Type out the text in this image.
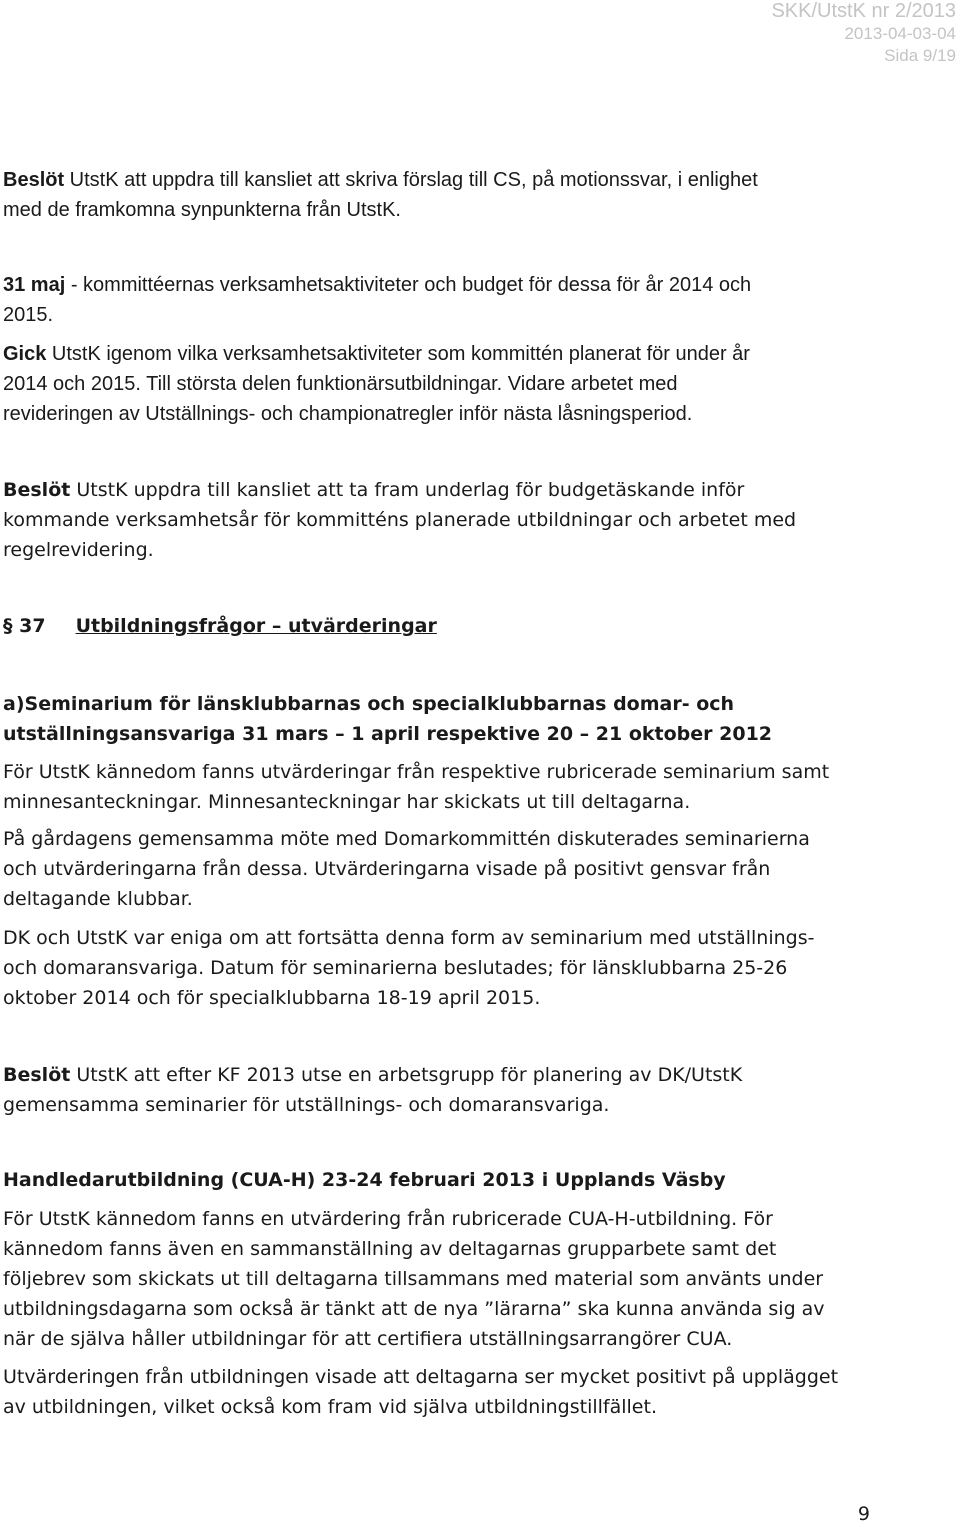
SKK/UtstK nr 2/2013
2013-04-03-04
Sida 9/19

Beslöt UtstK att uppdra till kansliet att skriva förslag till CS, på motionssvar, i enlighet
med de framkomna synpunkterna från UtstK.

31 maj - kommittéernas verksamhetsaktiviteter och budget för dessa för år 2014 och
2015.

Gick UtstK igenom vilka verksamhetsaktiviteter som kommittén planerat för under år
2014 och 2015. Till största delen funktionärsutbildningar. Vidare arbetet med
revideringen av Utställnings- och championatregler inför nästa låsningsperiod.

Beslöt UtstK uppdra till kansliet att ta fram underlag för budgetäskande inför
kommande verksamhetsår för kommitténs planerade utbildningar och arbetet med
regelrevidering.

§ 37 Utbildningsfrågor – utvärderingar

a)Seminarium för länsklubbarnas och specialklubbarnas domar- och
utställningsansvariga 31 mars – 1 april respektive 20 – 21 oktober 2012

För UtstK kännedom fanns utvärderingar från respektive rubricerade seminarium samt
minnesanteckningar. Minnesanteckningar har skickats ut till deltagarna.

På gårdagens gemensamma möte med Domarkommittén diskuterades seminarierna
och utvärderingarna från dessa. Utvärderingarna visade på positivt gensvar från
deltagande klubbar.

DK och UtstK var eniga om att fortsätta denna form av seminarium med utställnings-
och domaransvariga. Datum för seminarierna beslutades; för länsklubbarna 25-26
oktober 2014 och för specialklubbarna 18-19 april 2015.

Beslöt UtstK att efter KF 2013 utse en arbetsgrupp för planering av DK/UtstK
gemensamma seminarier för utställnings- och domaransvariga.

Handledarutbildning (CUA-H) 23-24 februari 2013 i Upplands Väsby

För UtstK kännedom fanns en utvärdering från rubricerade CUA-H-utbildning. För
kännedom fanns även en sammanställning av deltagarnas grupparbete samt det
följebrev som skickats ut till deltagarna tillsammans med material som använts under
utbildningsdagarna som också är tänkt att de nya ”lärarna” ska kunna använda sig av
när de själva håller utbildningar för att certifiera utställningsarrangörer CUA.

Utvärderingen från utbildningen visade att deltagarna ser mycket positivt på upplägget
av utbildningen, vilket också kom fram vid själva utbildningstillfället.

9
